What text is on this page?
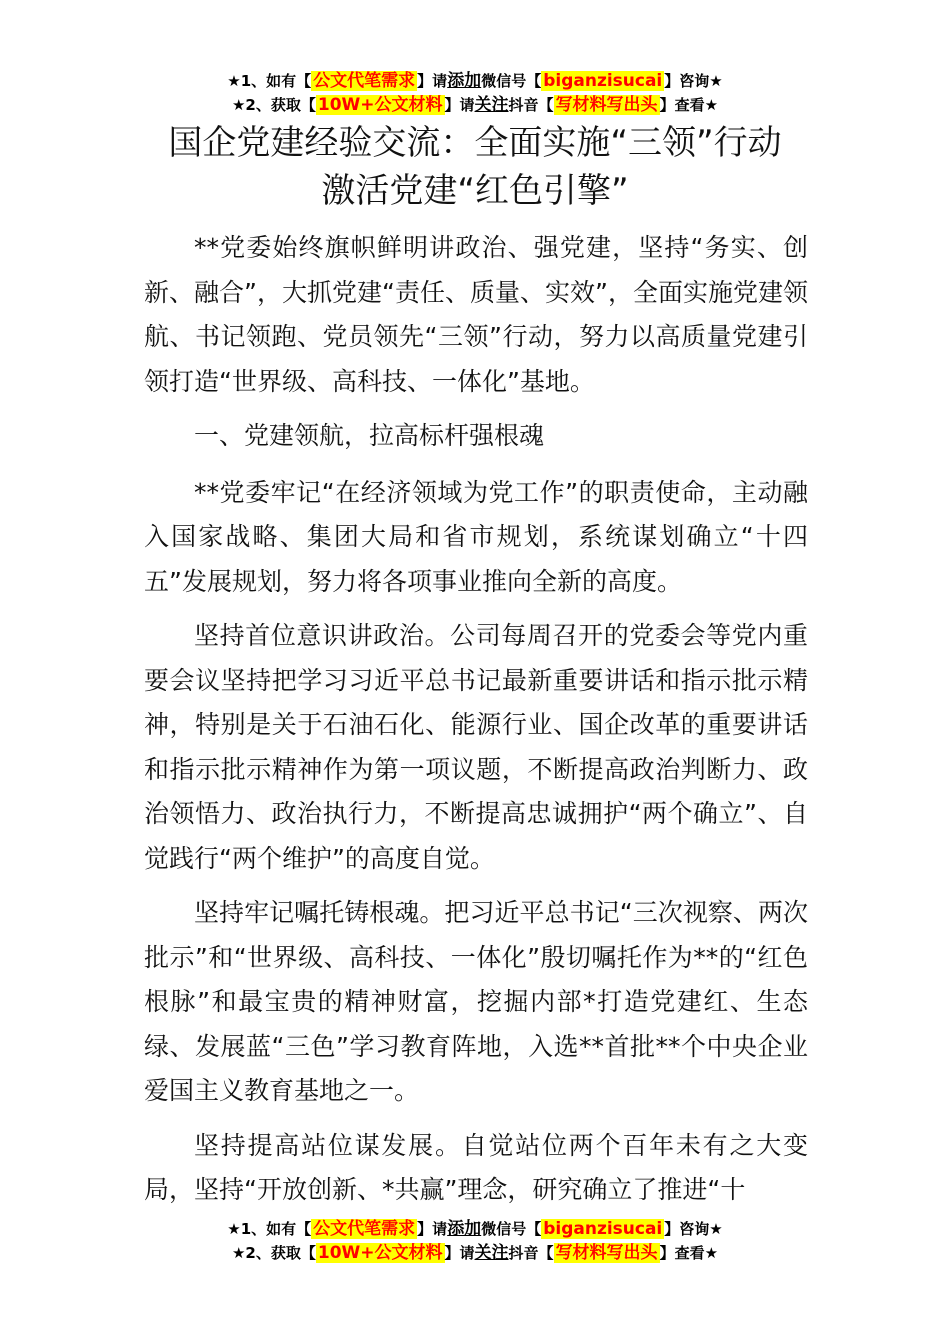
★1、如有【 公文代笔需求 】请添加微信号【 biganzisucai 】咨询★
★2、获取【 10W+公文材料 】请关注抖音【 写材料写出头 】查看★
国企党建经验交流：全面实施“三领”行动
激活党建“红色引擎”

**党委始终旗帜鲜明讲政治、强党建，坚持“务实、创新、融合”，大抓党建“责任、质量、实效”，全面实施党建领航、书记领跑、党员领先“三领”行动，努力以高质量党建引领打造“世界级、高科技、一体化”基地。

一、党建领航，拉高标杆强根魂

**党委牢记“在经济领域为党工作”的职责使命，主动融入国家战略、集团大局和省市规划，系统谋划确立“十四五”发展规划，努力将各项事业推向全新的高度。

坚持首位意识讲政治。公司每周召开的党委会等党内重要会议坚持把学习习近平总书记最新重要讲话和指示批示精神，特别是关于石油石化、能源行业、国企改革的重要讲话和指示批示精神作为第一项议题，不断提高政治判断力、政治领悟力、政治执行力，不断提高忠诚拥护“两个确立”、自觉践行“两个维护”的高度自觉。

坚持牢记嘱托铸根魂。把习近平总书记“三次视察、两次批示”和“世界级、高科技、一体化”殷切嘱托作为**的“红色根脉”和最宝贵的精神财富，挖掘内部*打造党建红、生态绿、发展蓝“三色”学习教育阵地，入选**首批**个中央企业爱国主义教育基地之一。

坚持提高站位谋发展。自觉站位两个百年未有之大变局，坚持“开放创新、*共赢”理念，研究确立了推进“十

★1、如有【 公文代笔需求 】请添加微信号【 biganzisucai 】咨询★
★2、获取【 10W+公文材料 】请关注抖音【 写材料写出头 】查看★
